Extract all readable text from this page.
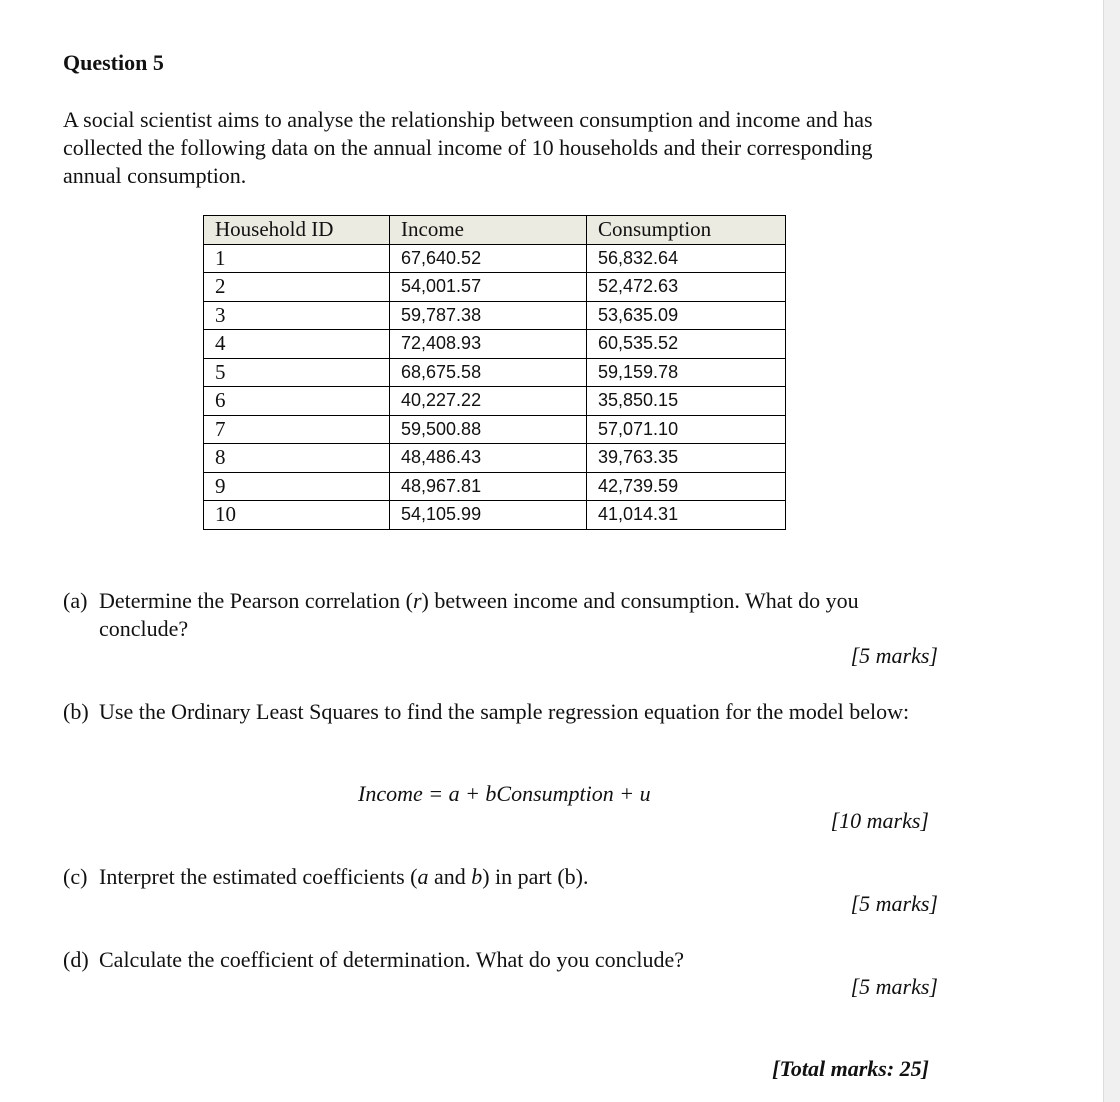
Question 5
A social scientist aims to analyse the relationship between consumption and income and has collected the following data on the annual income of 10 households and their corresponding annual consumption.
Household ID	Income	Consumption
1	67,640.52	56,832.64
2	54,001.57	52,472.63
3	59,787.38	53,635.09
4	72,408.93	60,535.52
5	68,675.58	59,159.78
6	40,227.22	35,850.15
7	59,500.88	57,071.10
8	48,486.43	39,763.35
9	48,967.81	42,739.59
10	54,105.99	41,014.31
(a) Determine the Pearson correlation (r) between income and consumption. What do you conclude?
[5 marks]
(b) Use the Ordinary Least Squares to find the sample regression equation for the model below:
Income = a + bConsumption + u
[10 marks]
(c) Interpret the estimated coefficients (a and b) in part (b).
[5 marks]
(d) Calculate the coefficient of determination. What do you conclude?
[5 marks]
[Total marks: 25]
